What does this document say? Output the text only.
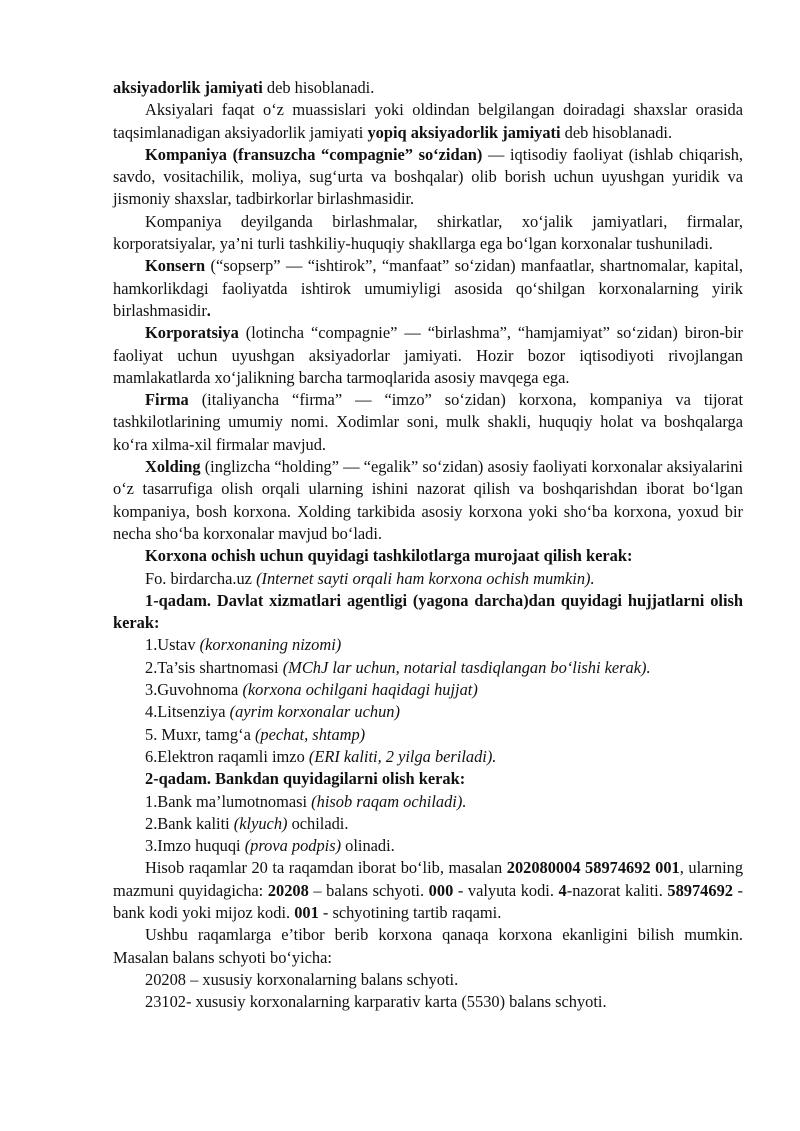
aksiyadorlik jamiyati deb hisoblanadi.

Aksiyalari faqat o‘z muassislari yoki oldindan belgilangan doiradagi shaxslar orasida taqsimlanadigan aksiyadorlik jamiyati yopiq aksiyadorlik jamiyati deb hisoblanadi.

Kompaniya (fransuzcha “compagnie” so‘zidan) — iqtisodiy faoliyat (ishlab chiqarish, savdo, vositachilik, moliya, sug‘urta va boshqalar) olib borish uchun uyushgan yuridik va jismoniy shaxslar, tadbirkorlar birlashmasidir.

Kompaniya deyilganda birlashmalar, shirkatlar, xo‘jalik jamiyatlari, firmalar, korporatsiyalar, ya’ni turli tashkiliy-huquqiy shakllarga ega bo‘lgan korxonalar tushuniladi.

Konsern (“sopserp” — “ishtirok”, “manfaat” so‘zidan) manfaatlar, shartnomalar, kapital, hamkorlikdagi faoliyatda ishtirok umumiyligi asosida qo‘shilgan korxonalarning yirik birlashmasidir.

Korporatsiya (lotincha “compagnie” — “birlashma”, “hamjamiyat” so‘zidan) biron-bir faoliyat uchun uyushgan aksiyadorlar jamiyati. Hozir bozor iqtisodiyoti rivojlangan mamlakatlarda xo‘jalikning barcha tarmoqlarida asosiy mavqega ega.

Firma (italiyancha “firma” — “imzo” so‘zidan) korxona, kompaniya va tijorat tashkilotlarining umumiy nomi. Xodimlar soni, mulk shakli, huquqiy holat va boshqalarga ko‘ra xilma-xil firmalar mavjud.

Xolding (inglizcha “holding” — “egalik” so‘zidan) asosiy faoliyati korxonalar aksiyalarini o‘z tasarrufiga olish orqali ularning ishini nazorat qilish va boshqarishdan iborat bo‘lgan kompaniya, bosh korxona. Xolding tarkibida asosiy korxona yoki sho‘ba korxona, yoxud bir necha sho‘ba korxonalar mavjud bo‘ladi.

Korxona ochish uchun quyidagi tashkilotlarga murojaat qilish kerak:

Fo. birdarcha.uz (Internet sayti orqali ham korxona ochish mumkin).

1-qadam. Davlat xizmatlari agentligi (yagona darcha)dan quyidagi hujjatlarni olish kerak:

1.Ustav (korxonaning nizomi)

2.Ta’sis shartnomasi (MChJ lar uchun, notarial tasdiqlangan bo‘lishi kerak).

3.Guvohnoma (korxona ochilgani haqidagi hujjat)

4.Litsenziya (ayrim korxonalar uchun)

5. Muxr, tamg‘a (pechat, shtamp)

6.Elektron raqamli imzo (ERI kaliti, 2 yilga beriladi).

2-qadam. Bankdan quyidagilarni olish kerak:

1.Bank ma’lumotnomasi (hisob raqam ochiladi).

2.Bank kaliti (klyuch) ochiladi.

3.Imzo huquqi (prova podpis) olinadi.

Hisob raqamlar 20 ta raqamdan iborat bo‘lib, masalan 202080004 58974692 001, ularning mazmuni quyidagicha: 20208 – balans schyoti. 000 - valyuta kodi. 4-nazorat kaliti. 58974692 -bank kodi yoki mijoz kodi. 001 - schyotining tartib raqami.

Ushbu raqamlarga e’tibor berib korxona qanaqa korxona ekanligini bilish mumkin. Masalan balans schyoti bo‘yicha:

20208 – xususiy korxonalarning balans schyoti.

23102- xususiy korxonalarning karparativ karta (5530) balans schyoti.
